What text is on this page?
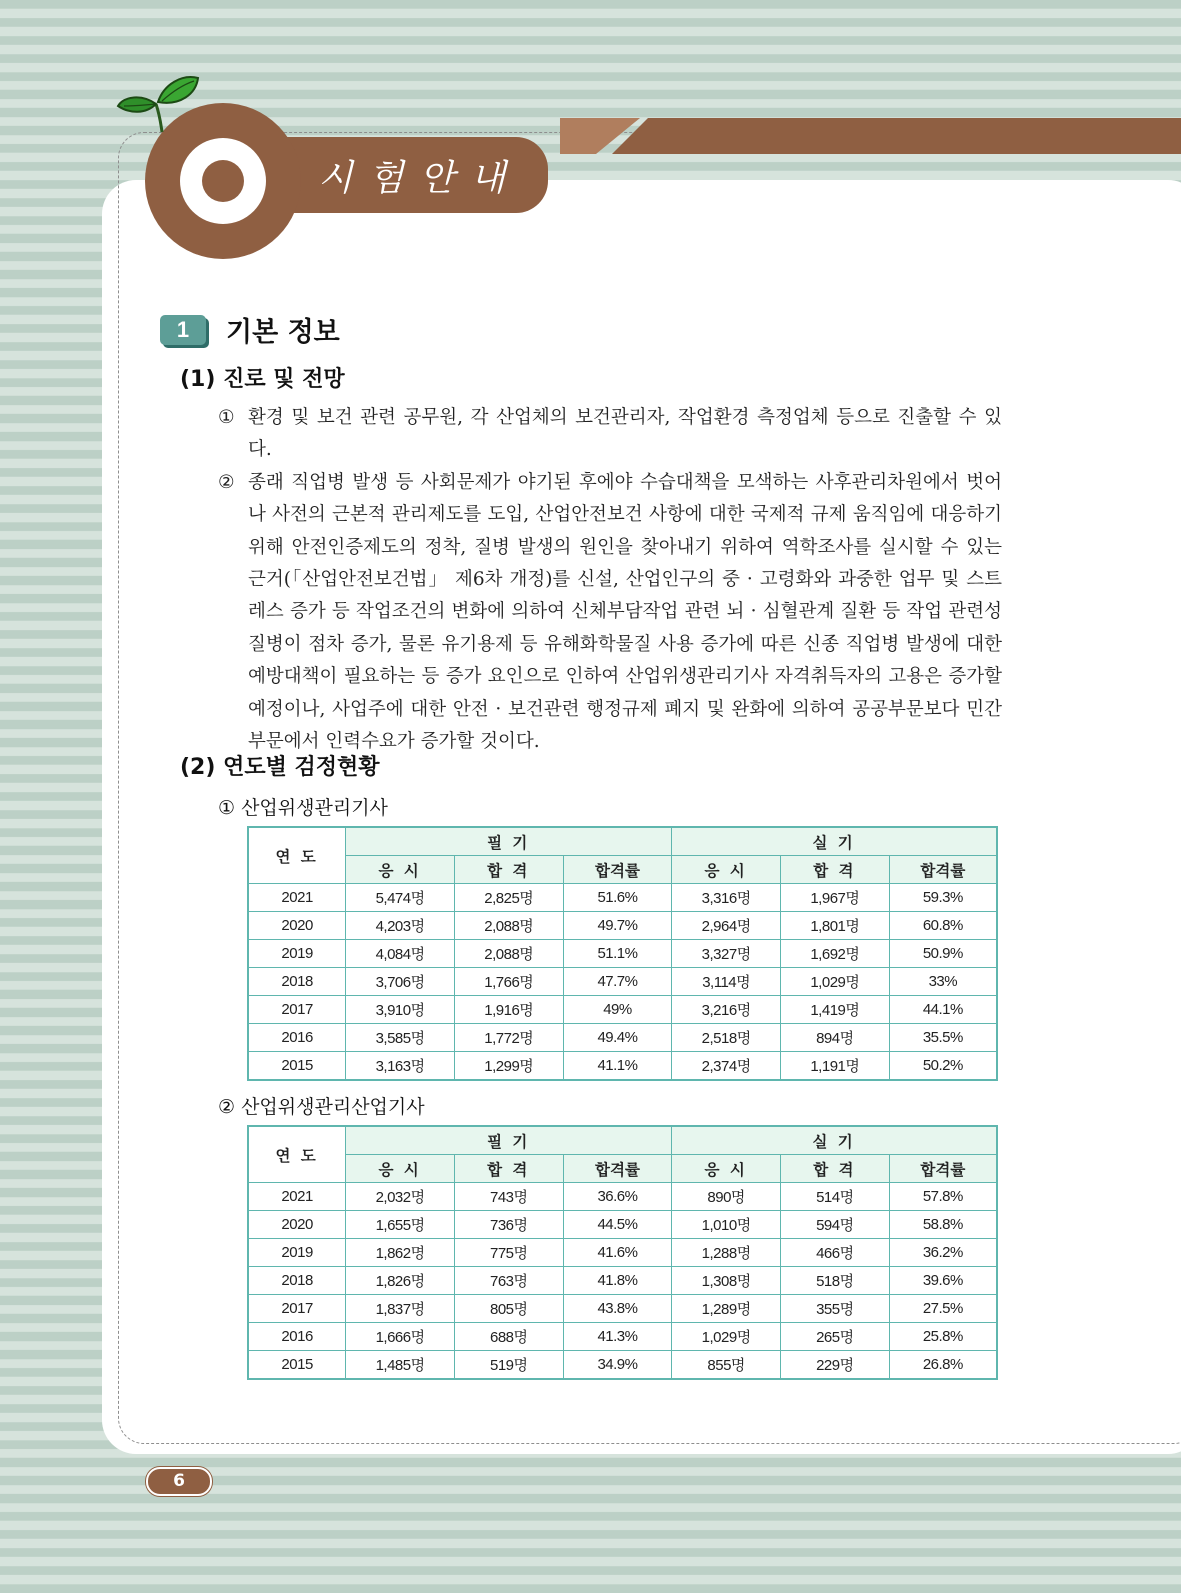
시험안내
1	기본 정보
(1) 진로 및 전망
① 환경 및 보건 관련 공무원, 각 산업체의 보건관리자, 작업환경 측정업체 등으로 진출할 수 있다.
② 종래 직업병 발생 등 사회문제가 야기된 후에야 수습대책을 모색하는 사후관리차원에서 벗어나 사전의 근본적 관리제도를 도입, 산업안전보건 사항에 대한 국제적 규제 움직임에 대응하기 위해 안전인증제도의 정착, 질병 발생의 원인을 찾아내기 위하여 역학조사를 실시할 수 있는 근거(「산업안전보건법」 제6차 개정)를 신설, 산업인구의 중 · 고령화와 과중한 업무 및 스트레스 증가 등 작업조건의 변화에 의하여 신체부담작업 관련 뇌 · 심혈관계 질환 등 작업 관련성 질병이 점차 증가, 물론 유기용제 등 유해화학물질 사용 증가에 따른 신종 직업병 발생에 대한 예방대책이 필요하는 등 증가 요인으로 인하여 산업위생관리기사 자격취득자의 고용은 증가할 예정이나, 사업주에 대한 안전 · 보건관련 행정규제 폐지 및 완화에 의하여 공공부문보다 민간부문에서 인력수요가 증가할 것이다.
(2) 연도별 검정현황
① 산업위생관리기사
연 도	필 기			실 기		
	응 시	합 격	합격률	응 시	합 격	합격률
2021	5,474명	2,825명	51.6%	3,316명	1,967명	59.3%
2020	4,203명	2,088명	49.7%	2,964명	1,801명	60.8%
2019	4,084명	2,088명	51.1%	3,327명	1,692명	50.9%
2018	3,706명	1,766명	47.7%	3,114명	1,029명	33%
2017	3,910명	1,916명	49%	3,216명	1,419명	44.1%
2016	3,585명	1,772명	49.4%	2,518명	894명	35.5%
2015	3,163명	1,299명	41.1%	2,374명	1,191명	50.2%
② 산업위생관리산업기사
연 도	필 기			실 기		
	응 시	합 격	합격률	응 시	합 격	합격률
2021	2,032명	743명	36.6%	890명	514명	57.8%
2020	1,655명	736명	44.5%	1,010명	594명	58.8%
2019	1,862명	775명	41.6%	1,288명	466명	36.2%
2018	1,826명	763명	41.8%	1,308명	518명	39.6%
2017	1,837명	805명	43.8%	1,289명	355명	27.5%
2016	1,666명	688명	41.3%	1,029명	265명	25.8%
2015	1,485명	519명	34.9%	855명	229명	26.8%
6
